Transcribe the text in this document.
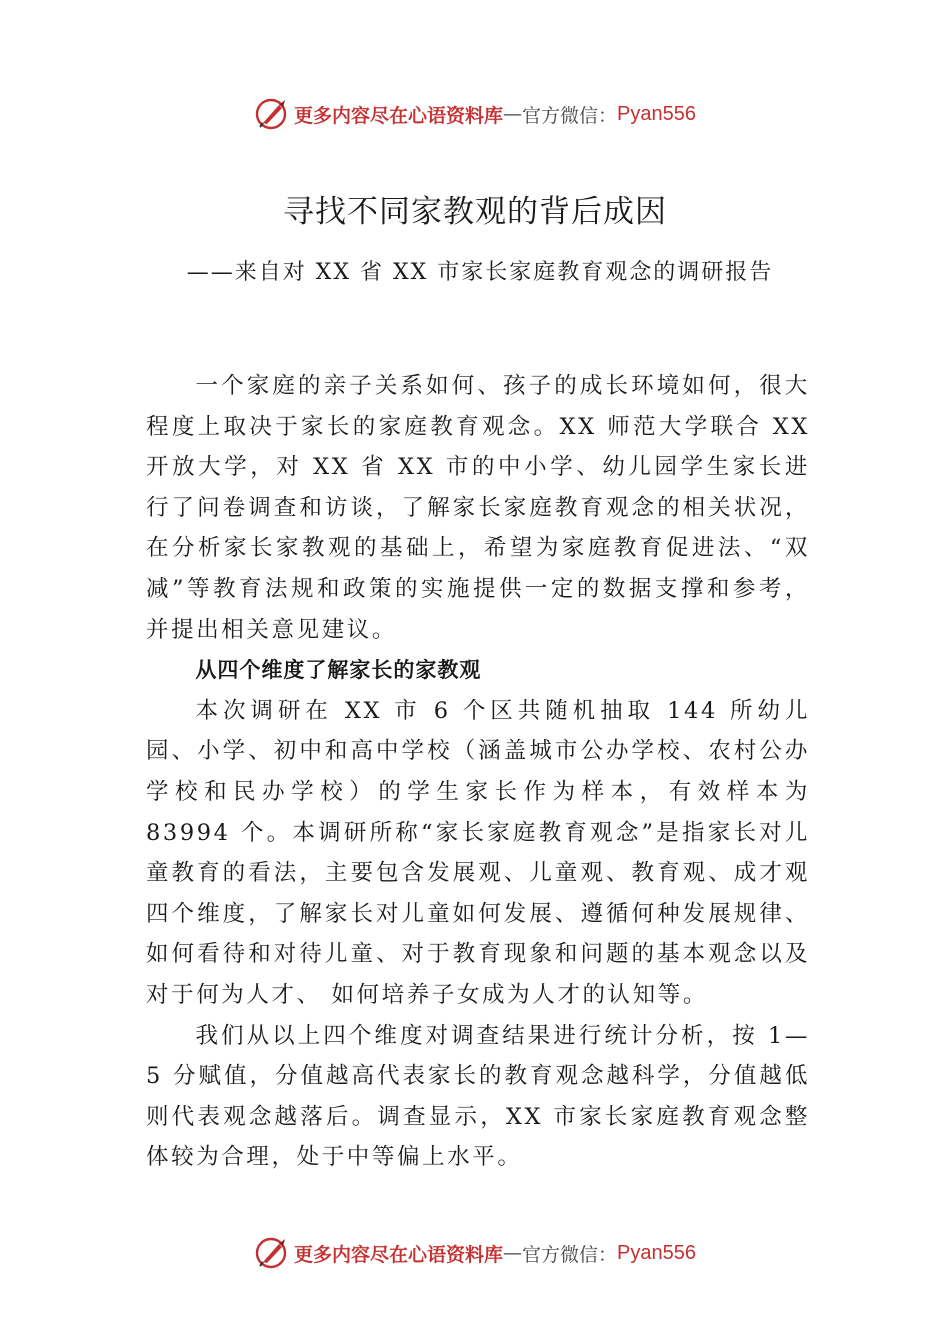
更多内容尽在心语资料库 — 官方微信： Pyan556
寻找不同家教观的背后成因
——来自对 XX 省 XX 市家长家庭教育观念的调研报告

一个家庭的亲子关系如何、孩子的成长环境如何，很大程度上取决于家长的家庭教育观念。XX 师范大学联合 XX 开放大学，对 XX 省 XX 市的中小学、幼儿园学生家长进行了问卷调查和访谈，了解家长家庭教育观念的相关状况，在分析家长家教观的基础上，希望为家庭教育促进法、“双减”等教育法规和政策的实施提供一定的数据支撑和参考，并提出相关意见建议。

从四个维度了解家长的家教观

本次调研在 XX 市 6 个区共随机抽取 144 所幼儿园、小学、初中和高中学校（涵盖城市公办学校、农村公办学校和民办学校）的学生家长作为样本，有效样本为 83994 个。本调研所称“家长家庭教育观念”是指家长对儿童教育的看法，主要包含发展观、儿童观、教育观、成才观四个维度，了解家长对儿童如何发展、遵循何种发展规律、如何看待和对待儿童、对于教育现象和问题的基本观念以及对于何为人才、 如何培养子女成为人才的认知等。

我们从以上四个维度对调查结果进行统计分析，按 1—5 分赋值，分值越高代表家长的教育观念越科学，分值越低则代表观念越落后。调查显示，XX 市家长家庭教育观念整体较为合理，处于中等偏上水平。

更多内容尽在心语资料库 — 官方微信： Pyan556
